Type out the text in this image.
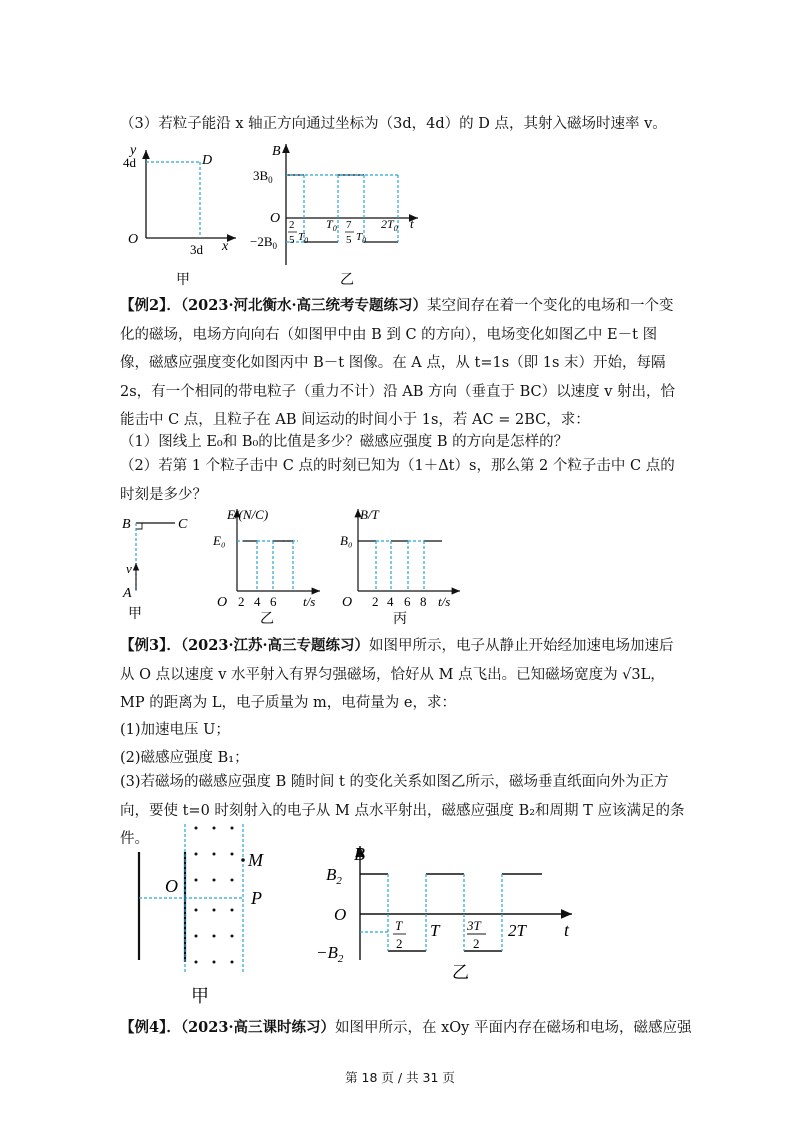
（3）若粒子能沿 x 轴正方向通过坐标为（3d，4d）的 D 点，其射入磁场时速率 v。
y
4d	D
O
3d x
甲
B
$3B_0$
O
$-2B_0$
2
5 $T_0$
$T_0$ 7
5 $T_0$
$2T_0$ t
乙
【例2】．（2023·河北衡水·高三统考专题练习）某空间存在着一个变化的电场和一个变化的磁场，电场方向向右（如图甲中由 B 到 C 的方向），电场变化如图乙中 E－t 图像，磁感应强度变化如图丙中 B－t 图像。在 A 点，从 t=1s（即 1s 末）开始，每隔 2s，有一个相同的带电粒子（重力不计）沿 AB 方向（垂直于 BC）以速度 v 射出，恰能击中 C 点，且粒子在 AB 间运动的时间小于 1s，若 AC = 2BC，求：
（1）图线上 E₀和 B₀的比值是多少？磁感应强度 B 的方向是怎样的？
（2）若第 1 个粒子击中 C 点的时刻已知为（1＋Δt）s，那么第 2 个粒子击中 C 点的时刻是多少？
B	C
v
A
甲
E/(N/C)
E₀
O 2 4 6 t/s
乙
B/T
B₀
O 2 4 6 8 t/s
丙
【例3】．（2023·江苏·高三专题练习）如图甲所示，电子从静止开始经加速电场加速后从 O 点以速度 v 水平射入有界匀强磁场，恰好从 M 点飞出。已知磁场宽度为 √3L，MP 的距离为 L，电子质量为 m，电荷量为 e，求：
(1)加速电压 U；
(2)磁感应强度 B₁；
(3)若磁场的磁感应强度 B 随时间 t 的变化关系如图乙所示，磁场垂直纸面向外为正方向，要使 t=0 时刻射入的电子从 M 点水平射出，磁感应强度 B₂和周期 T 应该满足的条件。
M
O
P
甲
B
$B_2$
O
$-B_2$
T
2
T 3T
2
2T t
乙
【例4】．（2023·高三课时练习）如图甲所示，在 xOy 平面内存在磁场和电场，磁感应强
第 18 页 / 共 31 页
